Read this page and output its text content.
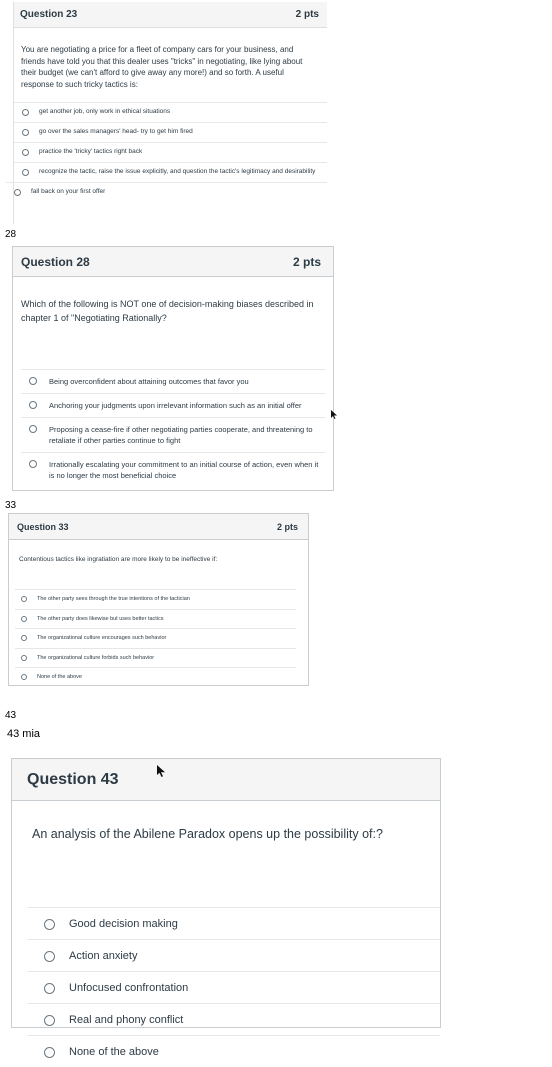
Question 23	2 pts
You are negotiating a price for a fleet of company cars for your business, and friends have told you that this dealer uses "tricks" in negotiating, like lying about their budget (we can't afford to give away any more!) and so forth. A useful response to such tricky tactics is:
get another job, only work in ethical situations
go over the sales managers' head- try to get him fired
practice the 'tricky' tactics right back
recognize the tactic, raise the issue explicitly, and question the tactic's legitimacy and desirability
fall back on your first offer
28
Question 28	2 pts
Which of the following is NOT one of decision-making biases described in chapter 1 of "Negotiating Rationally?
Being overconfident about attaining outcomes that favor you
Anchoring your judgments upon irrelevant information such as an initial offer
Proposing a cease-fire if other negotiating parties cooperate, and threatening to retaliate if other parties continue to fight
Irrationally escalating your commitment to an initial course of action, even when it is no longer the most beneficial choice
33
Question 33	2 pts
Contentious tactics like ingratiation are more likely to be ineffective if:
The other party sees through the true intentions of the tactician
The other party does likewise but uses better tactics
The organizational culture encourages such behavior
The organizational culture forbids such behavior
None of the above
43
43 mia
Question 43
An analysis of the Abilene Paradox opens up the possibility of:?
Good decision making
Action anxiety
Unfocused confrontation
Real and phony conflict
None of the above
